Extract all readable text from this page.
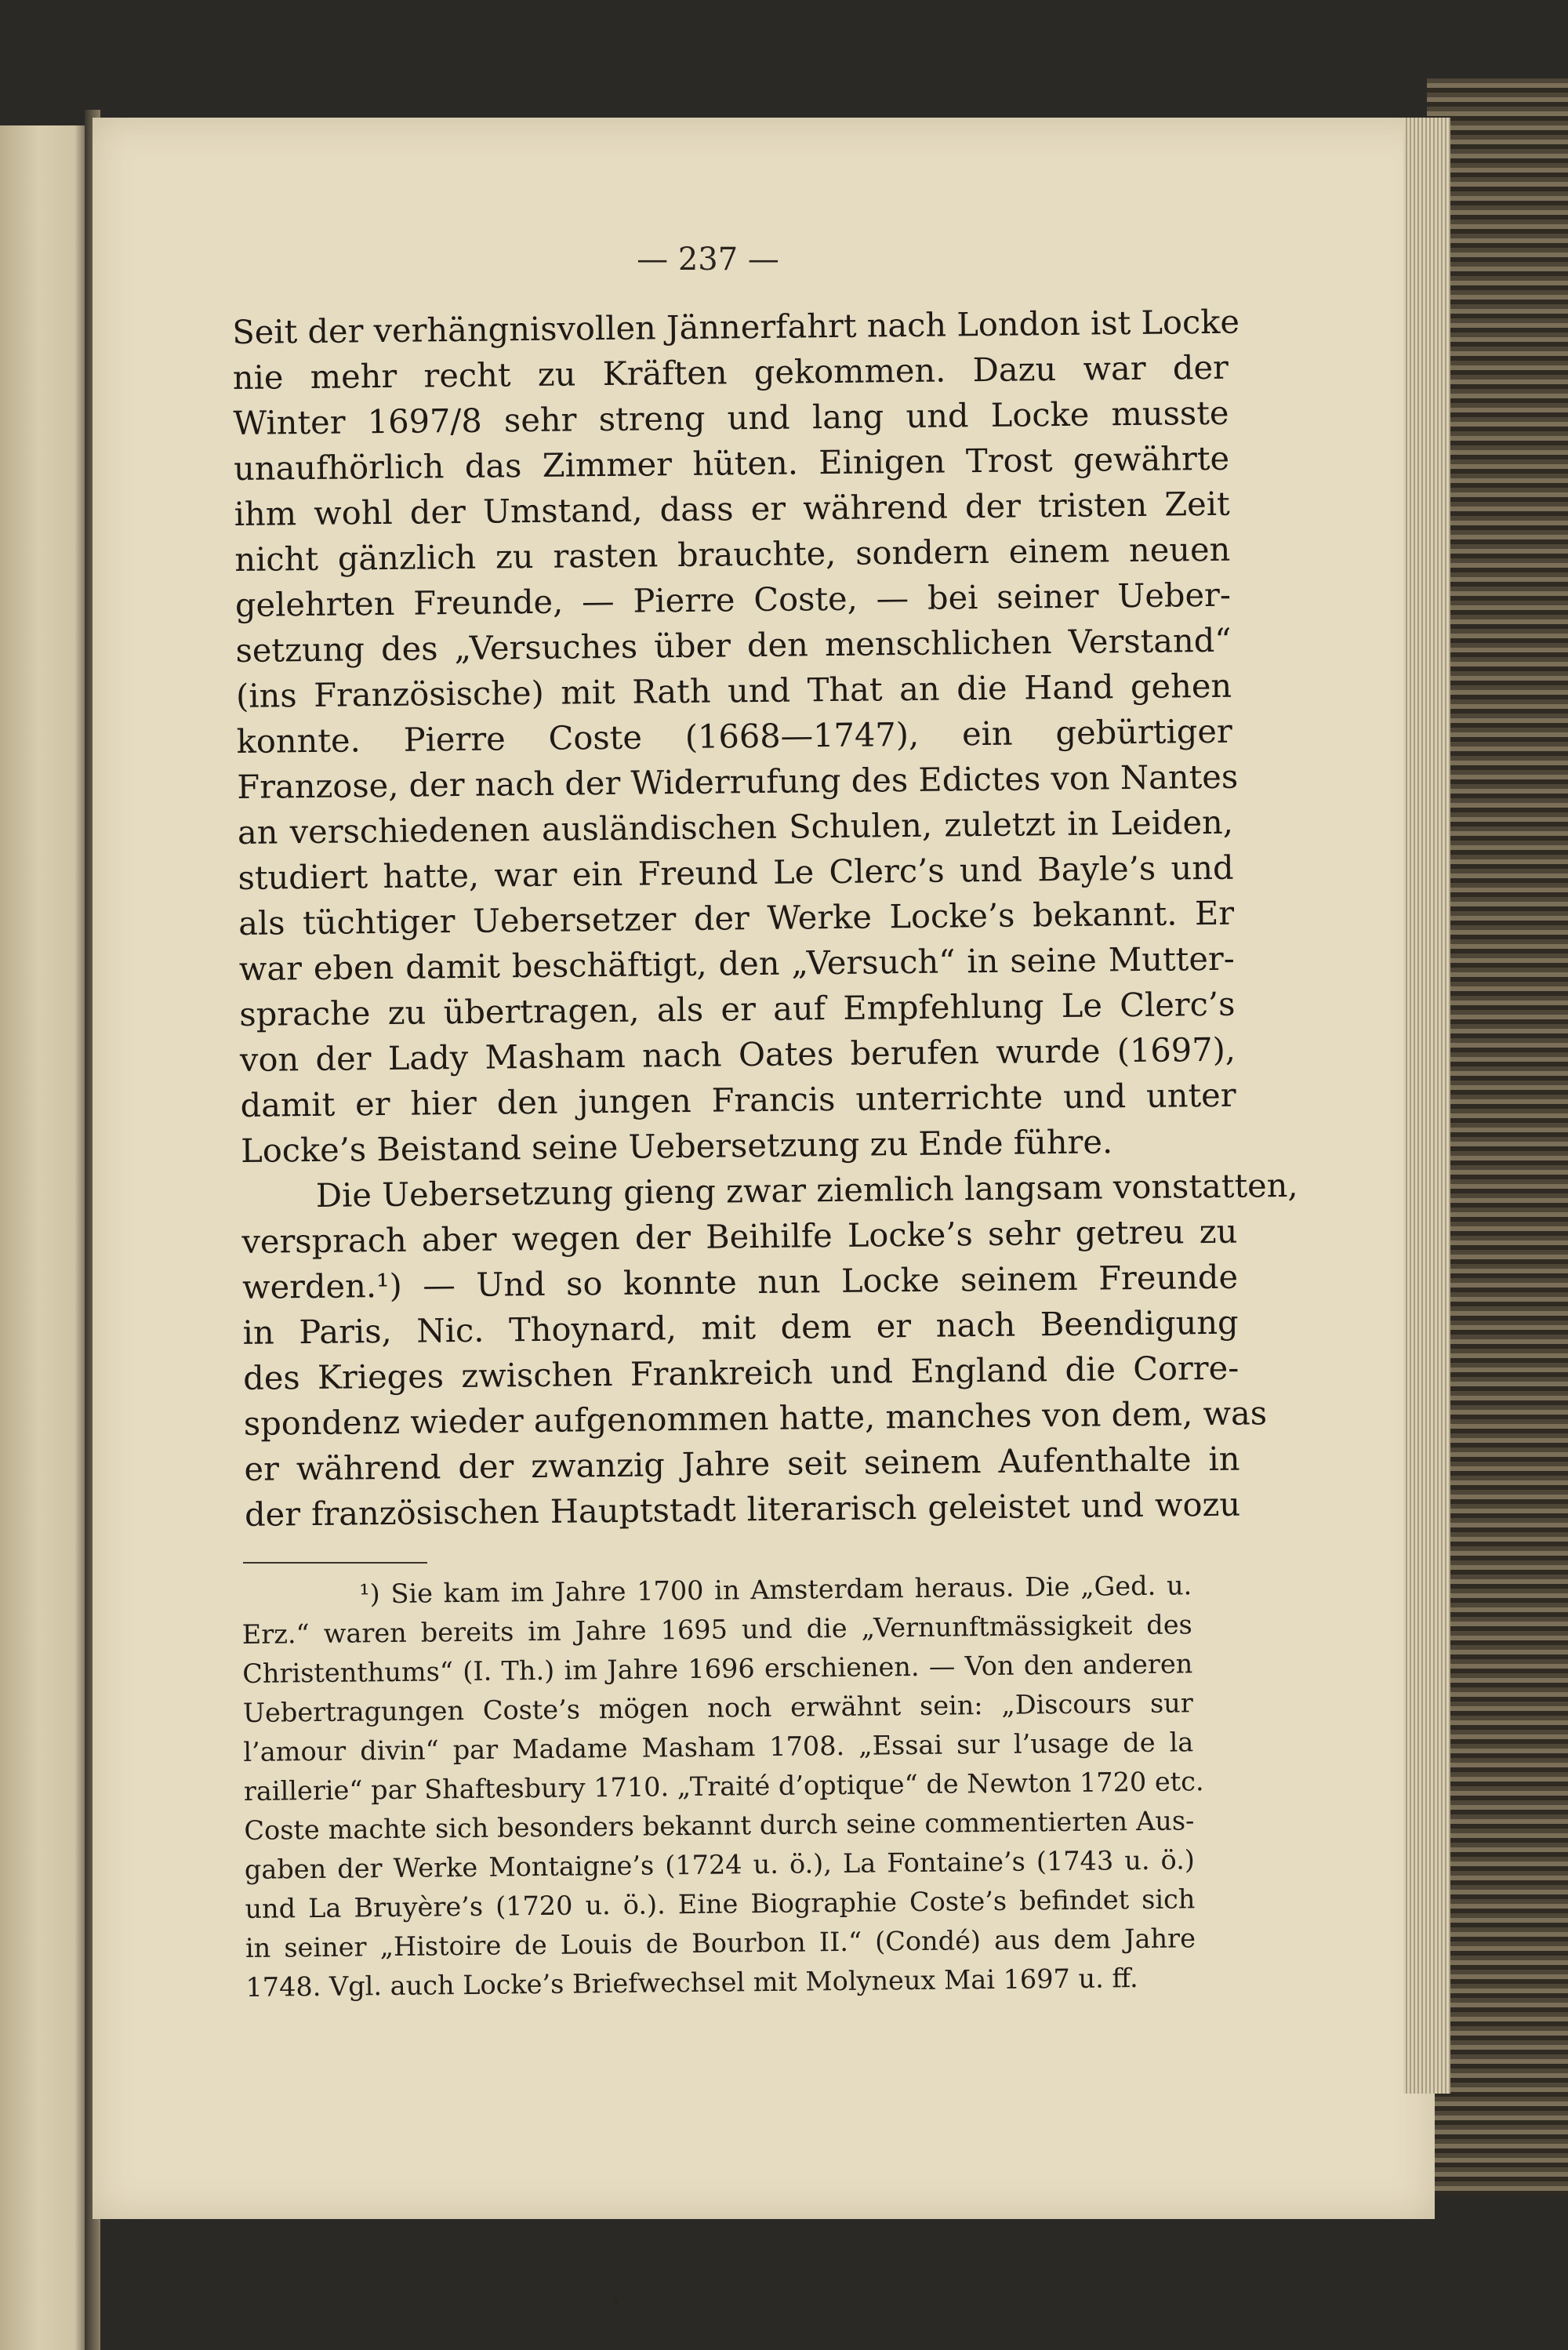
— 237 —
Seit der verhängnisvollen Jännerfahrt nach London ist Locke
nie mehr recht zu Kräften gekommen. Dazu war der
Winter 1697/8 sehr streng und lang und Locke musste
unaufhörlich das Zimmer hüten. Einigen Trost gewährte
ihm wohl der Umstand, dass er während der tristen Zeit
nicht gänzlich zu rasten brauchte, sondern einem neuen
gelehrten Freunde, — Pierre Coste, — bei seiner Ueber-
setzung des „Versuches über den menschlichen Verstand“
(ins Französische) mit Rath und That an die Hand gehen
konnte. Pierre Coste (1668—1747), ein gebürtiger
Franzose, der nach der Widerrufung des Edictes von Nantes
an verschiedenen ausländischen Schulen, zuletzt in Leiden,
studiert hatte, war ein Freund Le Clerc’s und Bayle’s und
als tüchtiger Uebersetzer der Werke Locke’s bekannt. Er
war eben damit beschäftigt, den „Versuch“ in seine Mutter-
sprache zu übertragen, als er auf Empfehlung Le Clerc’s
von der Lady Masham nach Oates berufen wurde (1697),
damit er hier den jungen Francis unterrichte und unter
Locke’s Beistand seine Uebersetzung zu Ende führe.
Die Uebersetzung gieng zwar ziemlich langsam vonstatten,
versprach aber wegen der Beihilfe Locke’s sehr getreu zu
werden.¹) — Und so konnte nun Locke seinem Freunde
in Paris, Nic. Thoynard, mit dem er nach Beendigung
des Krieges zwischen Frankreich und England die Corre-
spondenz wieder aufgenommen hatte, manches von dem, was
er während der zwanzig Jahre seit seinem Aufenthalte in
der französischen Hauptstadt literarisch geleistet und wozu
¹) Sie kam im Jahre 1700 in Amsterdam heraus. Die „Ged. u.
Erz.“ waren bereits im Jahre 1695 und die „Vernunftmässigkeit des
Christenthums“ (I. Th.) im Jahre 1696 erschienen. — Von den anderen
Uebertragungen Coste’s mögen noch erwähnt sein: „Discours sur
l’amour divin“ par Madame Masham 1708. „Essai sur l’usage de la
raillerie“ par Shaftesbury 1710. „Traité d’optique“ de Newton 1720 etc.
Coste machte sich besonders bekannt durch seine commentierten Aus-
gaben der Werke Montaigne’s (1724 u. ö.), La Fontaine’s (1743 u. ö.)
und La Bruyère’s (1720 u. ö.). Eine Biographie Coste’s befindet sich
in seiner „Histoire de Louis de Bourbon II.“ (Condé) aus dem Jahre
1748. Vgl. auch Locke’s Briefwechsel mit Molyneux Mai 1697 u. ff.
›
